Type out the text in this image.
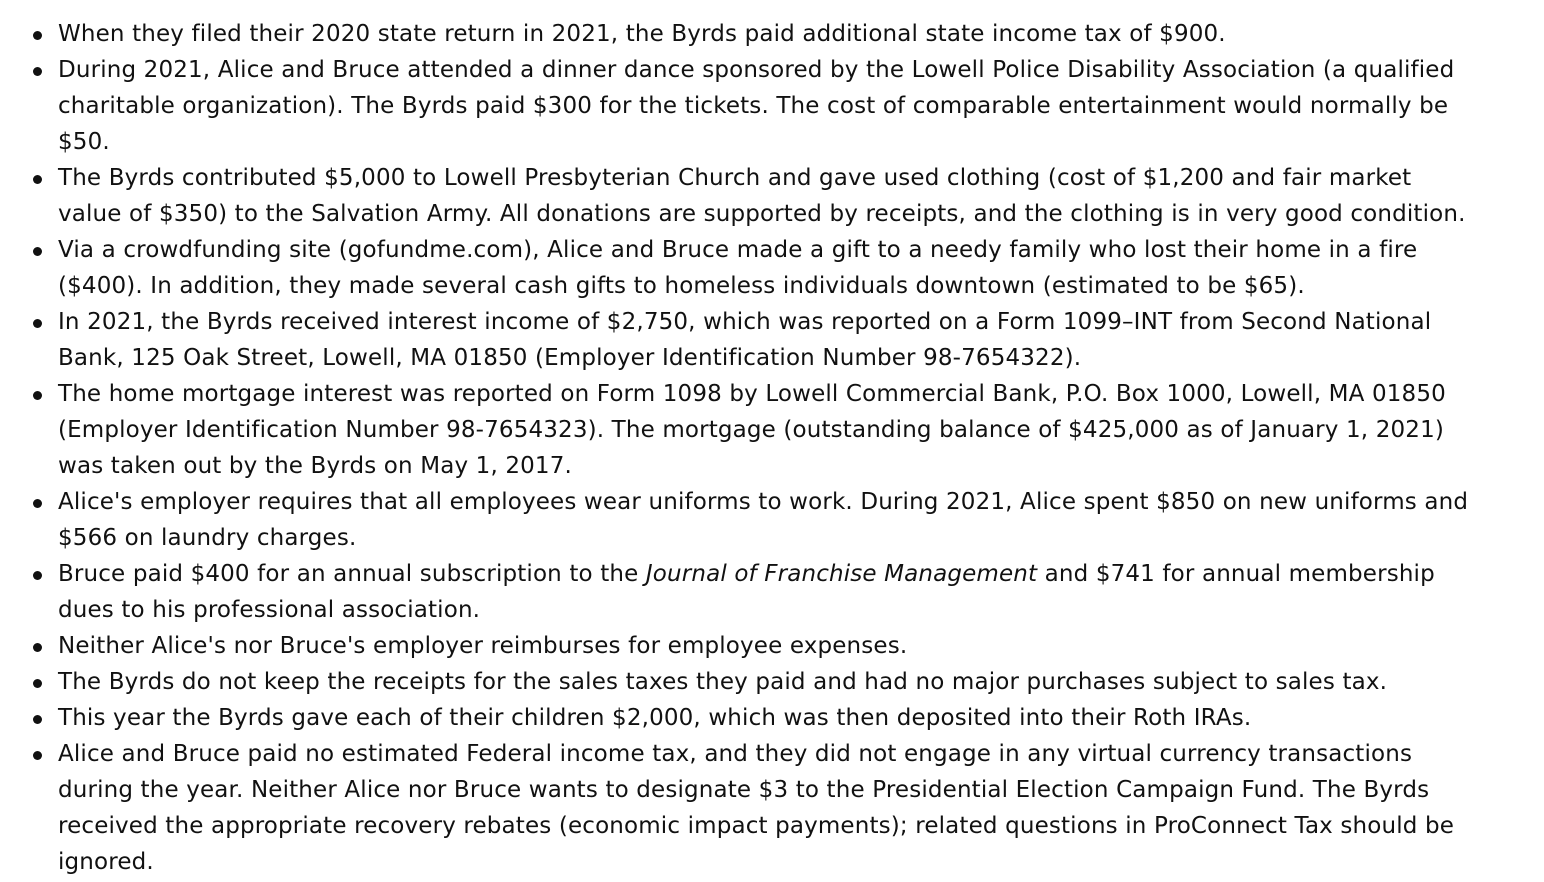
When they filed their 2020 state return in 2021, the Byrds paid additional state income tax of $900.
During 2021, Alice and Bruce attended a dinner dance sponsored by the Lowell Police Disability Association (a qualified
charitable organization). The Byrds paid $300 for the tickets. The cost of comparable entertainment would normally be
$50.
The Byrds contributed $5,000 to Lowell Presbyterian Church and gave used clothing (cost of $1,200 and fair market
value of $350) to the Salvation Army. All donations are supported by receipts, and the clothing is in very good condition.
Via a crowdfunding site (gofundme.com), Alice and Bruce made a gift to a needy family who lost their home in a fire
($400). In addition, they made several cash gifts to homeless individuals downtown (estimated to be $65).
In 2021, the Byrds received interest income of $2,750, which was reported on a Form 1099–INT from Second National
Bank, 125 Oak Street, Lowell, MA 01850 (Employer Identification Number 98-7654322).
The home mortgage interest was reported on Form 1098 by Lowell Commercial Bank, P.O. Box 1000, Lowell, MA 01850
(Employer Identification Number 98-7654323). The mortgage (outstanding balance of $425,000 as of January 1, 2021)
was taken out by the Byrds on May 1, 2017.
Alice's employer requires that all employees wear uniforms to work. During 2021, Alice spent $850 on new uniforms and
$566 on laundry charges.
Bruce paid $400 for an annual subscription to the Journal of Franchise Management and $741 for annual membership
dues to his professional association.
Neither Alice's nor Bruce's employer reimburses for employee expenses.
The Byrds do not keep the receipts for the sales taxes they paid and had no major purchases subject to sales tax.
This year the Byrds gave each of their children $2,000, which was then deposited into their Roth IRAs.
Alice and Bruce paid no estimated Federal income tax, and they did not engage in any virtual currency transactions
during the year. Neither Alice nor Bruce wants to designate $3 to the Presidential Election Campaign Fund. The Byrds
received the appropriate recovery rebates (economic impact payments); related questions in ProConnect Tax should be
ignored.
